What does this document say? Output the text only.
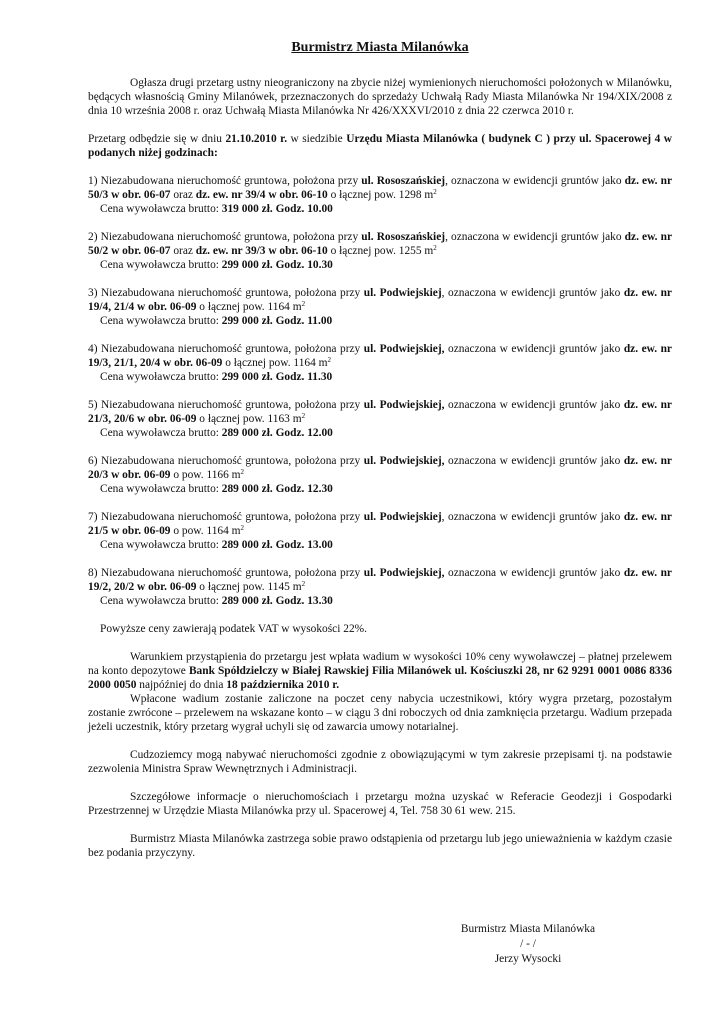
Burmistrz Miasta Milanówka

Ogłasza drugi przetarg ustny nieograniczony na zbycie niżej wymienionych nieruchomości położonych w Milanówku, będących własnością Gminy Milanówek, przeznaczonych do sprzedaży Uchwałą Rady Miasta Milanówka Nr 194/XIX/2008 z dnia 10 września 2008 r. oraz Uchwałą Miasta Milanówka Nr 426/XXXVI/2010 z dnia 22 czerwca 2010 r.

Przetarg odbędzie się w dniu 21.10.2010 r. w siedzibie Urzędu Miasta Milanówka ( budynek C ) przy ul. Spacerowej 4 w podanych niżej godzinach:

1) Niezabudowana nieruchomość gruntowa, położona przy ul. Rososzańskiej, oznaczona w ewidencji gruntów jako dz. ew. nr 50/3 w obr. 06-07 oraz dz. ew. nr 39/4 w obr. 06-10 o łącznej pow. 1298 $m^2$

Cena wywoławcza brutto: 319 000 zł. Godz. 10.00

2) Niezabudowana nieruchomość gruntowa, położona przy ul. Rososzańskiej, oznaczona w ewidencji gruntów jako dz. ew. nr 50/2 w obr. 06-07 oraz dz. ew. nr 39/3 w obr. 06-10 o łącznej pow. 1255 $m^2$

Cena wywoławcza brutto: 299 000 zł. Godz. 10.30

3) Niezabudowana nieruchomość gruntowa, położona przy ul. Podwiejskiej, oznaczona w ewidencji gruntów jako dz. ew. nr 19/4, 21/4 w obr. 06-09 o łącznej pow. 1164 $m^2$

Cena wywoławcza brutto: 299 000 zł. Godz. 11.00

4) Niezabudowana nieruchomość gruntowa, położona przy ul. Podwiejskiej, oznaczona w ewidencji gruntów jako dz. ew. nr 19/3, 21/1, 20/4 w obr. 06-09 o łącznej pow. 1164 $m^2$

Cena wywoławcza brutto: 299 000 zł. Godz. 11.30

5) Niezabudowana nieruchomość gruntowa, położona przy ul. Podwiejskiej, oznaczona w ewidencji gruntów jako dz. ew. nr 21/3, 20/6 w obr. 06-09 o łącznej pow. 1163 $m^2$

Cena wywoławcza brutto: 289 000 zł. Godz. 12.00

6) Niezabudowana nieruchomość gruntowa, położona przy ul. Podwiejskiej, oznaczona w ewidencji gruntów jako dz. ew. nr 20/3 w obr. 06-09 o pow. 1166 $m^2$

Cena wywoławcza brutto: 289 000 zł. Godz. 12.30

7) Niezabudowana nieruchomość gruntowa, położona przy ul. Podwiejskiej, oznaczona w ewidencji gruntów jako dz. ew. nr 21/5 w obr. 06-09 o pow. 1164 $m^2$

Cena wywoławcza brutto: 289 000 zł. Godz. 13.00

8) Niezabudowana nieruchomość gruntowa, położona przy ul. Podwiejskiej, oznaczona w ewidencji gruntów jako dz. ew. nr 19/2, 20/2 w obr. 06-09 o łącznej pow. 1145 $m^2$

Cena wywoławcza brutto: 289 000 zł. Godz. 13.30

Powyższe ceny zawierają podatek VAT w wysokości 22%.

Warunkiem przystąpienia do przetargu jest wpłata wadium w wysokości 10% ceny wywoławczej – płatnej przelewem na konto depozytowe Bank Spółdzielczy w Białej Rawskiej Filia Milanówek ul. Kościuszki 28, nr 62 9291 0001 0086 8336 2000 0050 najpóźniej do dnia 18 października 2010 r.

Wpłacone wadium zostanie zaliczone na poczet ceny nabycia uczestnikowi, który wygra przetarg, pozostałym zostanie zwrócone – przelewem na wskazane konto – w ciągu 3 dni roboczych od dnia zamknięcia przetargu. Wadium przepada jeżeli uczestnik, który przetarg wygrał uchyli się od zawarcia umowy notarialnej.

Cudzoziemcy mogą nabywać nieruchomości zgodnie z obowiązującymi w tym zakresie przepisami tj. na podstawie zezwolenia Ministra Spraw Wewnętrznych i Administracji.

Szczegółowe informacje o nieruchomościach i przetargu można uzyskać w Referacie Geodezji i Gospodarki Przestrzennej w Urzędzie Miasta Milanówka przy ul. Spacerowej 4, Tel. 758 30 61 wew. 215.

Burmistrz Miasta Milanówka zastrzega sobie prawo odstąpienia od przetargu lub jego unieważnienia w każdym czasie bez podania przyczyny.

Burmistrz Miasta Milanówka
/ - /
Jerzy Wysocki
